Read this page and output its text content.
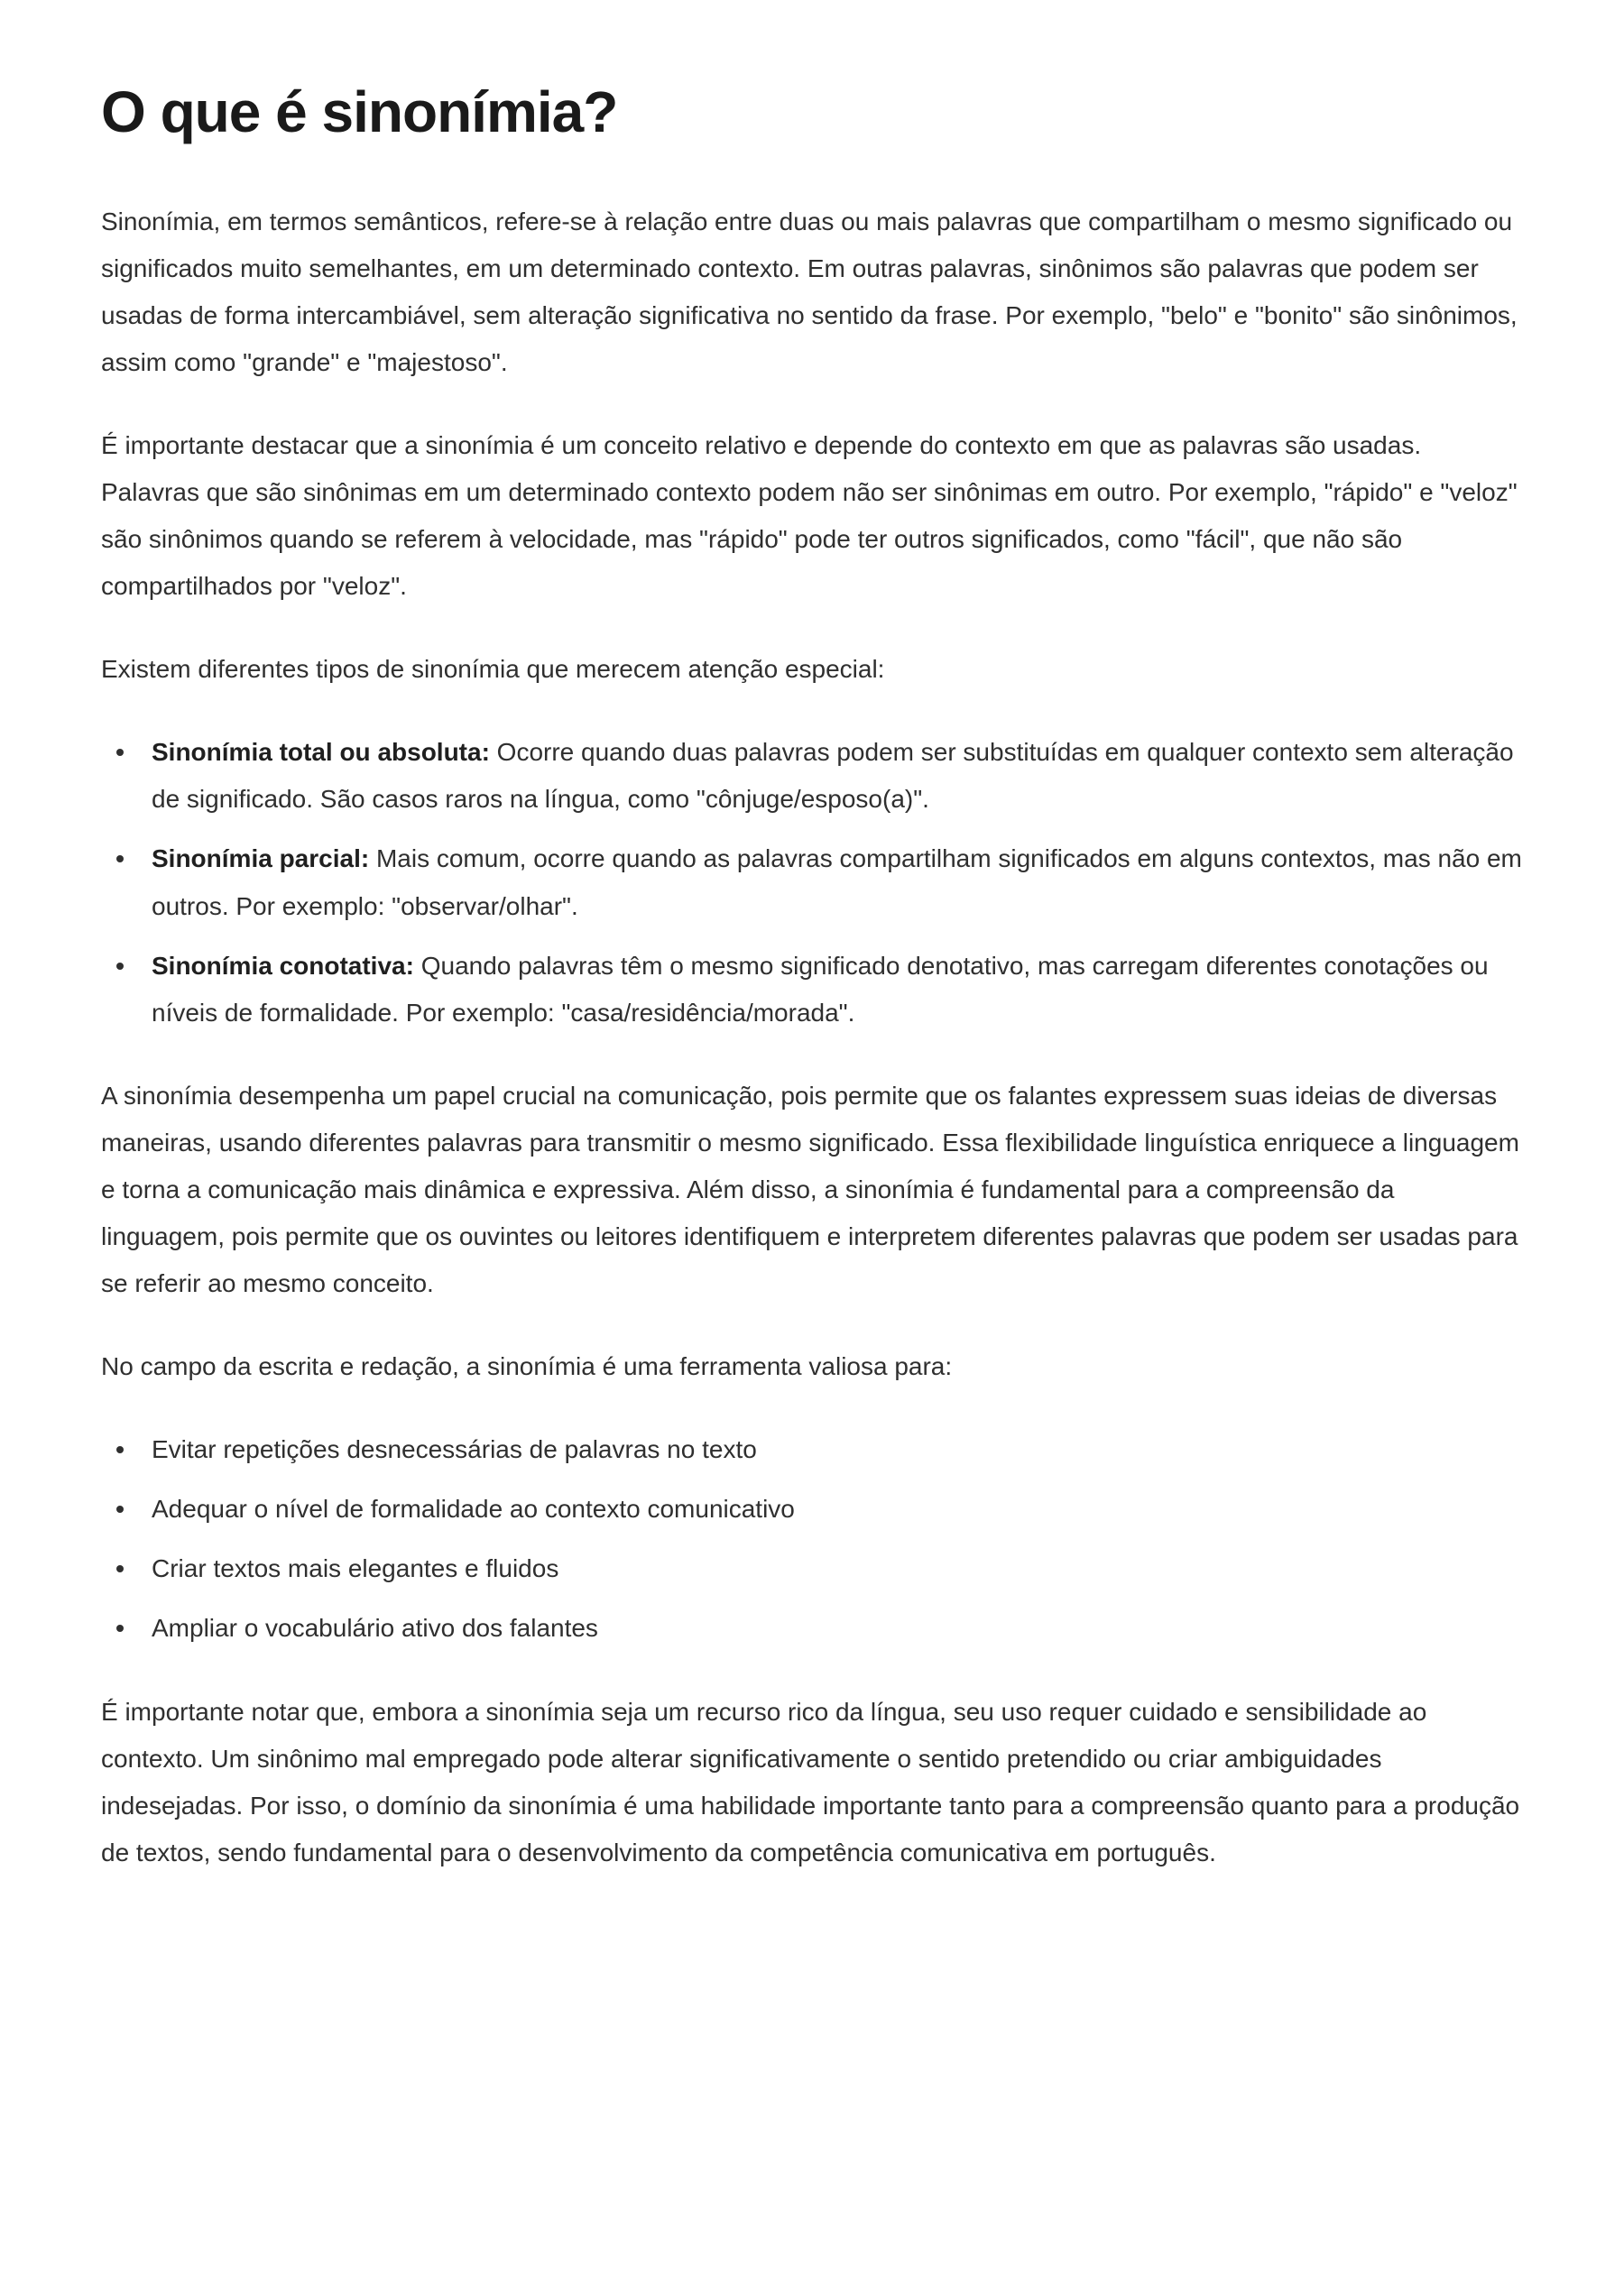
O que é sinonímia?

Sinonímia, em termos semânticos, refere-se à relação entre duas ou mais palavras que compartilham o mesmo significado ou significados muito semelhantes, em um determinado contexto. Em outras palavras, sinônimos são palavras que podem ser usadas de forma intercambiável, sem alteração significativa no sentido da frase. Por exemplo, "belo" e "bonito" são sinônimos, assim como "grande" e "majestoso".

É importante destacar que a sinonímia é um conceito relativo e depende do contexto em que as palavras são usadas. Palavras que são sinônimas em um determinado contexto podem não ser sinônimas em outro. Por exemplo, "rápido" e "veloz" são sinônimos quando se referem à velocidade, mas "rápido" pode ter outros significados, como "fácil", que não são compartilhados por "veloz".

Existem diferentes tipos de sinonímia que merecem atenção especial:

Sinonímia total ou absoluta: Ocorre quando duas palavras podem ser substituídas em qualquer contexto sem alteração de significado. São casos raros na língua, como "cônjuge/esposo(a)".
Sinonímia parcial: Mais comum, ocorre quando as palavras compartilham significados em alguns contextos, mas não em outros. Por exemplo: "observar/olhar".
Sinonímia conotativa: Quando palavras têm o mesmo significado denotativo, mas carregam diferentes conotações ou níveis de formalidade. Por exemplo: "casa/residência/morada".

A sinonímia desempenha um papel crucial na comunicação, pois permite que os falantes expressem suas ideias de diversas maneiras, usando diferentes palavras para transmitir o mesmo significado. Essa flexibilidade linguística enriquece a linguagem e torna a comunicação mais dinâmica e expressiva. Além disso, a sinonímia é fundamental para a compreensão da linguagem, pois permite que os ouvintes ou leitores identifiquem e interpretem diferentes palavras que podem ser usadas para se referir ao mesmo conceito.

No campo da escrita e redação, a sinonímia é uma ferramenta valiosa para:

Evitar repetições desnecessárias de palavras no texto
Adequar o nível de formalidade ao contexto comunicativo
Criar textos mais elegantes e fluidos
Ampliar o vocabulário ativo dos falantes

É importante notar que, embora a sinonímia seja um recurso rico da língua, seu uso requer cuidado e sensibilidade ao contexto. Um sinônimo mal empregado pode alterar significativamente o sentido pretendido ou criar ambiguidades indesejadas. Por isso, o domínio da sinonímia é uma habilidade importante tanto para a compreensão quanto para a produção de textos, sendo fundamental para o desenvolvimento da competência comunicativa em português.
